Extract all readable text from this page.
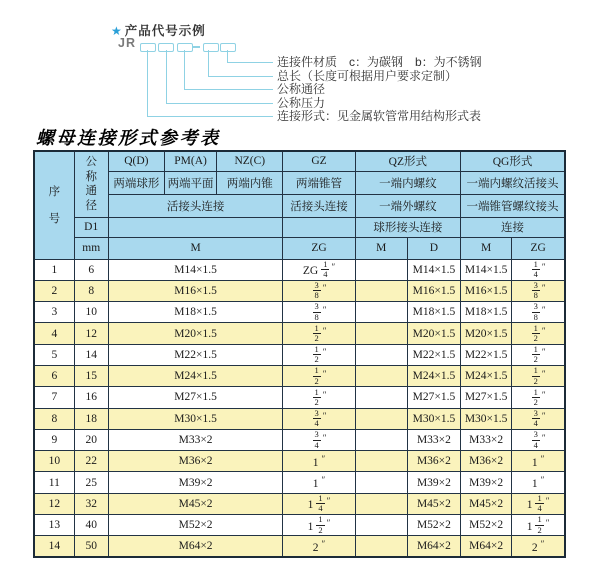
★ 产品代号示例
JR
连接件材质　c：为碳钢　b：为不锈钢
总长（长度可根据用户要求定制）
公称通径
公称压力
连接形式：见金属软管常用结构形式表
螺母连接形式参考表
序
号	公
称
通
径	Q(D)	PM(A)	NZ(C)	GZ	QZ形式		QG形式	
		两端球形	两端平面	两端内锥	两端锥管	一端内螺纹		一端内螺纹活接头	
		活接头连接			活接头连接	一端外螺纹		一端锥管螺纹接头	
	D1					球形接头连接		连接	
	mm	M			ZG	M	D	M	ZG
1	6	M14×1.5			ZG $\frac{1}{4} ''$		M14×1.5	M14×1.5	$\frac{1}{4} ''$
2	8	M16×1.5			$\frac{3}{8} ''$		M16×1.5	M16×1.5	$\frac{3}{8} ''$
3	10	M18×1.5			$\frac{3}{8} ''$		M18×1.5	M18×1.5	$\frac{3}{8} ''$
4	12	M20×1.5			$\frac{1}{2} ''$		M20×1.5	M20×1.5	$\frac{1}{2} ''$
5	14	M22×1.5			$\frac{1}{2} ''$		M22×1.5	M22×1.5	$\frac{1}{2} ''$
6	15	M24×1.5			$\frac{1}{2} ''$		M24×1.5	M24×1.5	$\frac{1}{2} ''$
7	16	M27×1.5			$\frac{1}{2} ''$		M27×1.5	M27×1.5	$\frac{1}{2} ''$
8	18	M30×1.5			$\frac{3}{4} ''$		M30×1.5	M30×1.5	$\frac{3}{4} ''$
9	20	M33×2			$\frac{3}{4} ''$		M33×2	M33×2	$\frac{3}{4} ''$
10	22	M36×2			1 ″		M36×2	M36×2	1 ″
11	25	M39×2			1 ″		M39×2	M39×2	1 ″
12	32	M45×2			$1 \frac{1}{4} ''$		M45×2	M45×2	$1 \frac{1}{4} ''$
13	40	M52×2			$1 \frac{1}{2} ''$		M52×2	M52×2	$1 \frac{1}{2} ''$
14	50	M64×2			2 ″		M64×2	M64×2	2 ″
